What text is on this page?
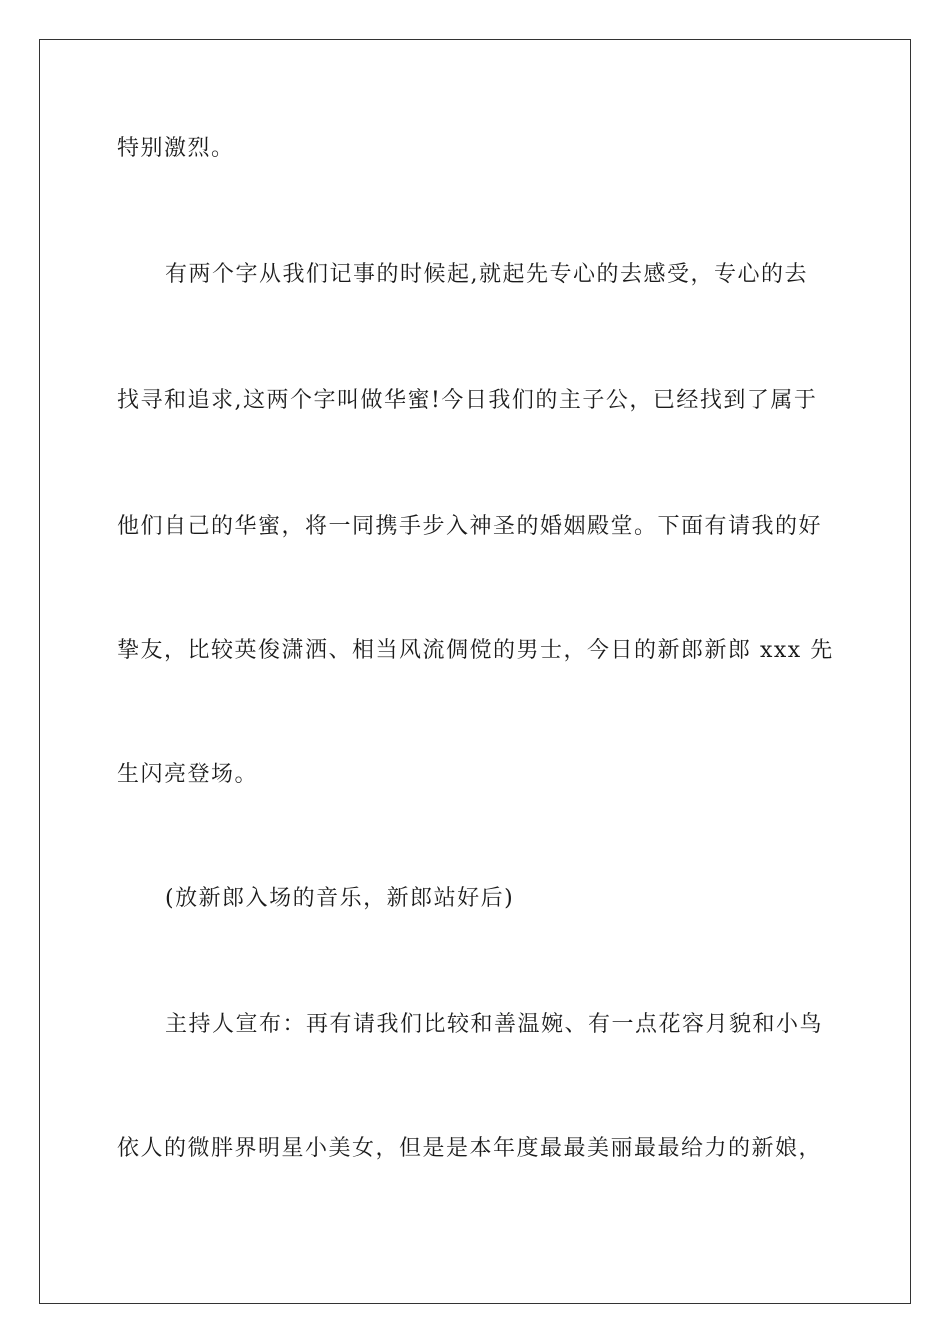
特别激烈。
有两个字从我们记事的时候起,就起先专心的去感受，专心的去
找寻和追求,这两个字叫做华蜜!今日我们的主子公，已经找到了属于
他们自己的华蜜，将一同携手步入神圣的婚姻殿堂。下面有请我的好
挚友，比较英俊潇洒、相当风流倜傥的男士，今日的新郎新郎 xxx 先
生闪亮登场。
(放新郎入场的音乐，新郎站好后)
主持人宣布：再有请我们比较和善温婉、有一点花容月貌和小鸟
依人的微胖界明星小美女，但是是本年度最最美丽最最给力的新娘，
